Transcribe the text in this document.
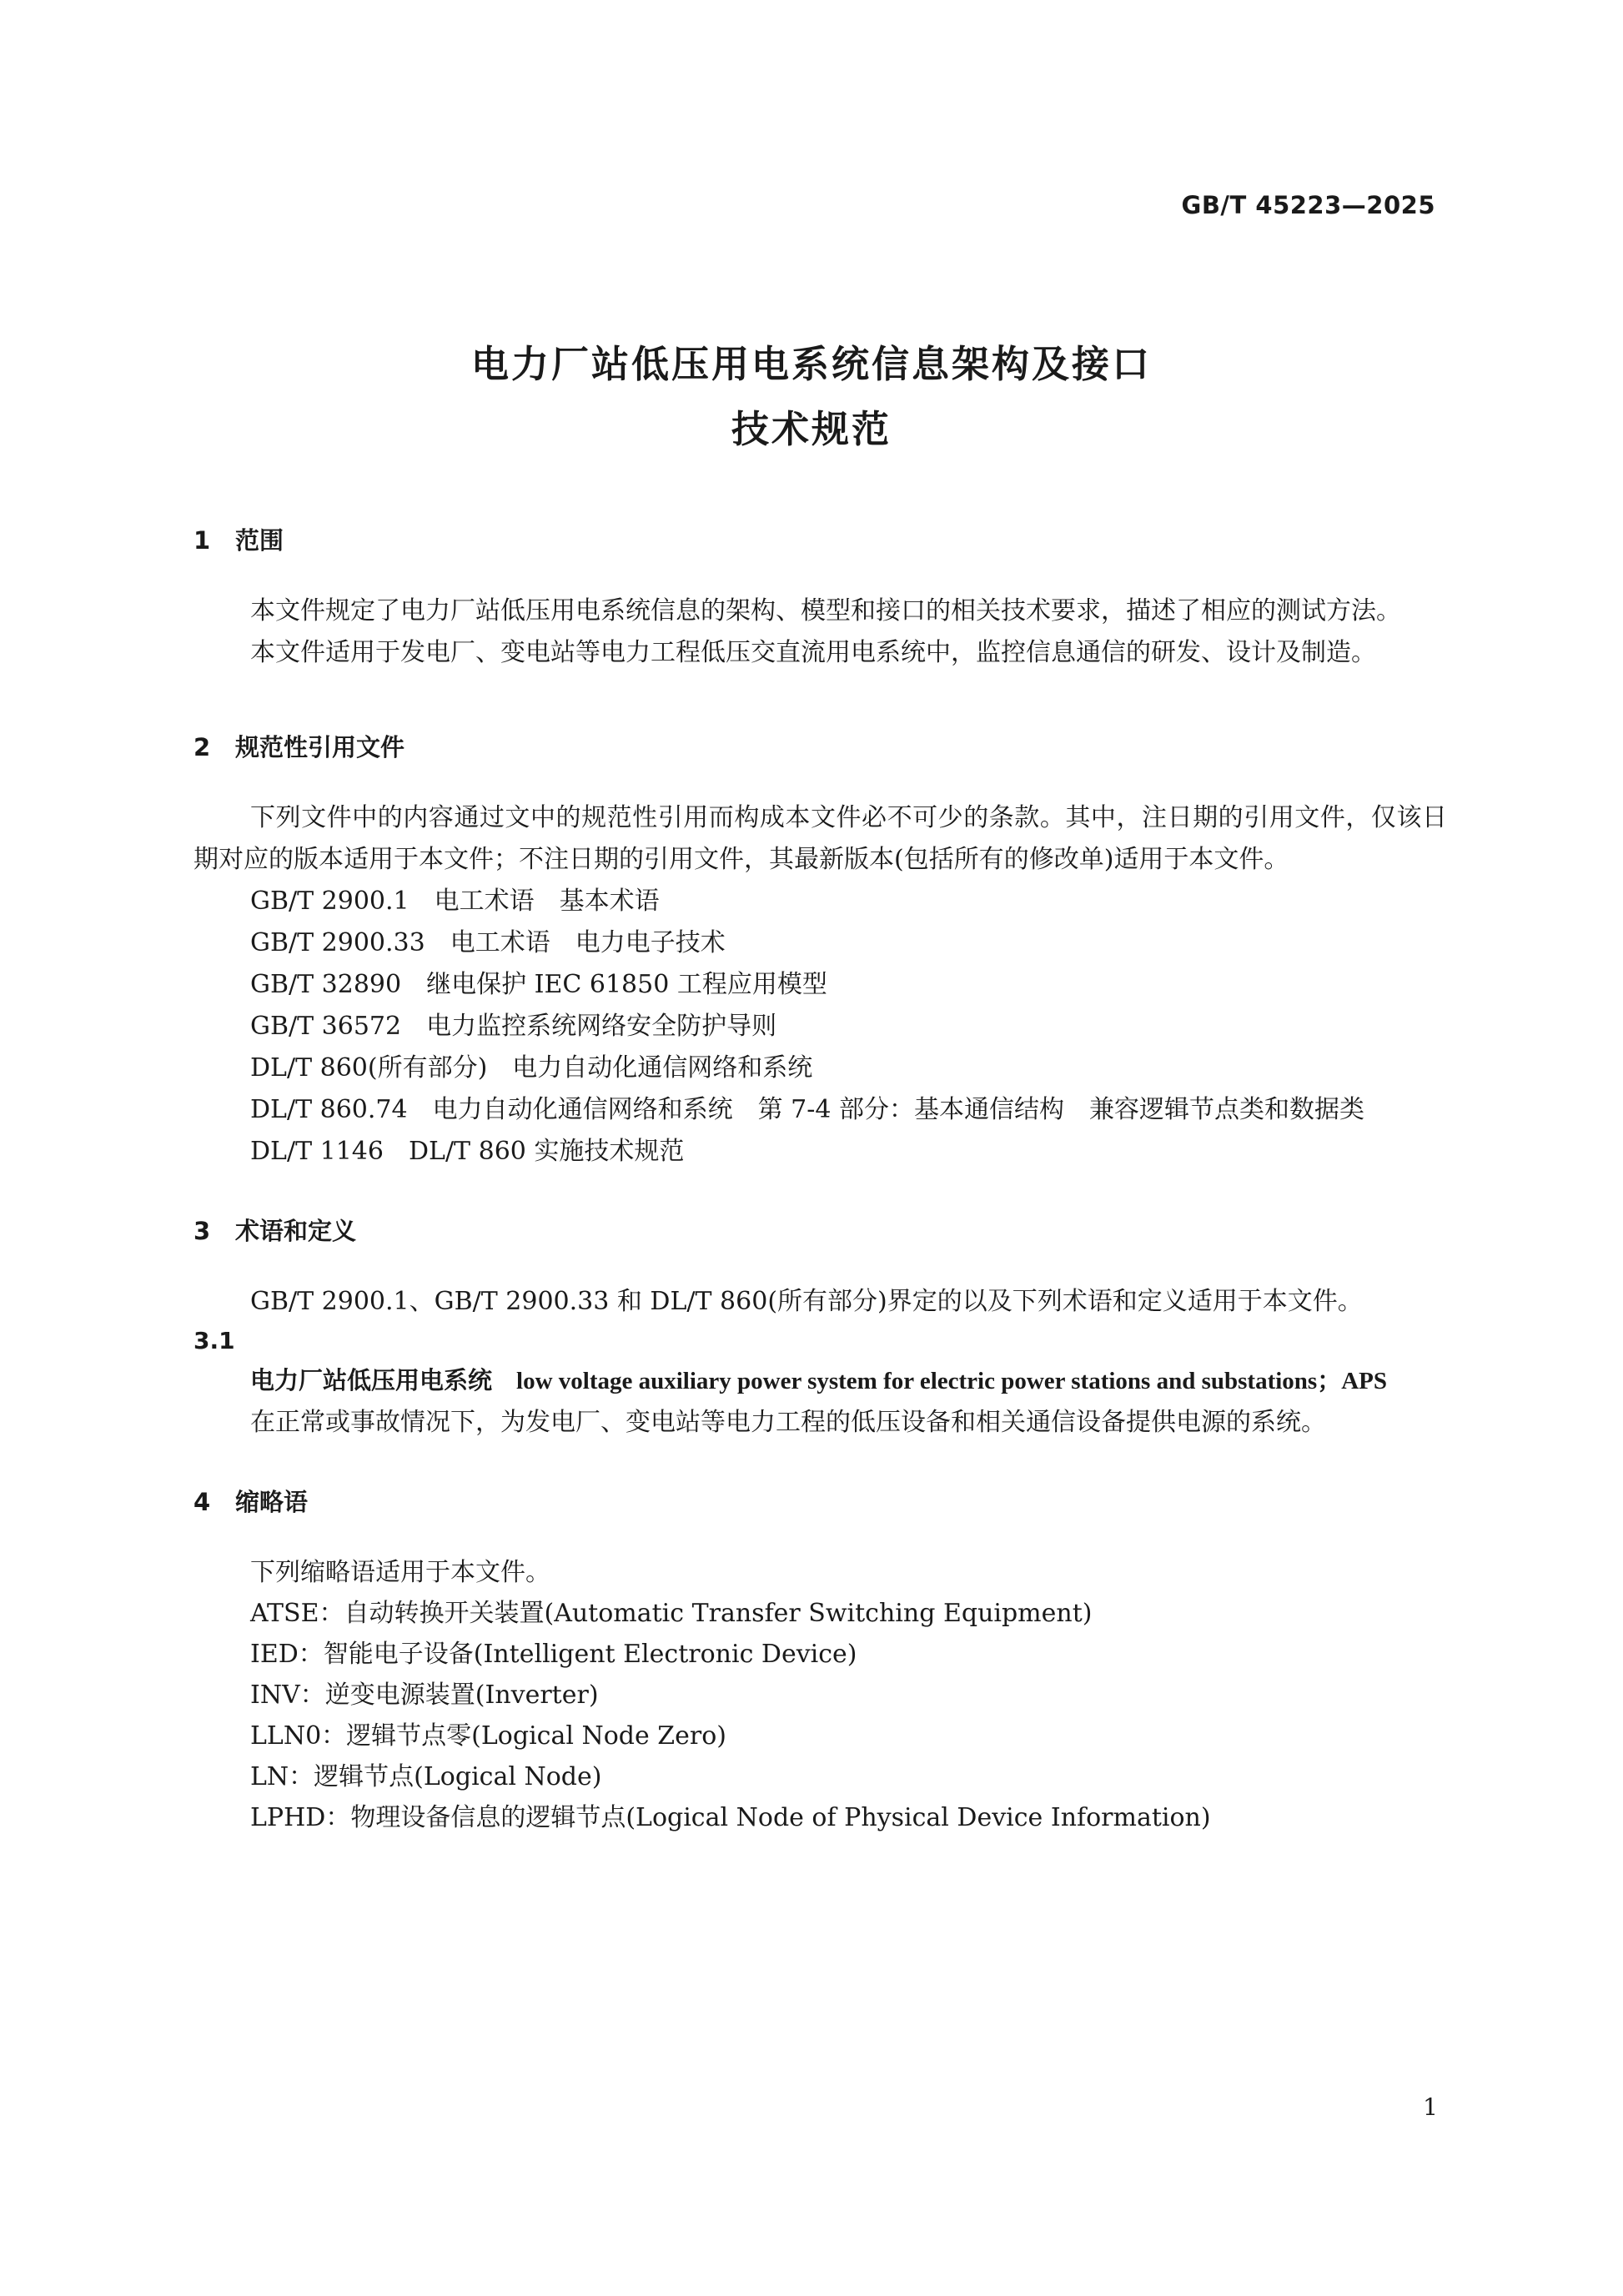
GB/T 45223—2025
电力厂站低压用电系统信息架构及接口
技术规范
1	范围

本文件规定了电力厂站低压用电系统信息的架构、模型和接口的相关技术要求，描述了相应的测试方法。

本文件适用于发电厂、变电站等电力工程低压交直流用电系统中，监控信息通信的研发、设计及制造。

2	规范性引用文件

下列文件中的内容通过文中的规范性引用而构成本文件必不可少的条款。其中，注日期的引用文件，仅该日期对应的版本适用于本文件；不注日期的引用文件，其最新版本(包括所有的修改单)适用于本文件。

GB/T 2900.1　电工术语　基本术语

GB/T 2900.33　电工术语　电力电子技术

GB/T 32890　继电保护 IEC 61850 工程应用模型

GB/T 36572　电力监控系统网络安全防护导则

DL/T 860(所有部分)　电力自动化通信网络和系统

DL/T 860.74　电力自动化通信网络和系统　第 7-4 部分：基本通信结构　兼容逻辑节点类和数据类

DL/T 1146　DL/T 860 实施技术规范

3	术语和定义

GB/T 2900.1、GB/T 2900.33 和 DL/T 860(所有部分)界定的以及下列术语和定义适用于本文件。

3.1

电力厂站低压用电系统　 low voltage auxiliary power system for electric power stations and substations；APS

在正常或事故情况下，为发电厂、变电站等电力工程的低压设备和相关通信设备提供电源的系统。

4	缩略语

下列缩略语适用于本文件。

ATSE：自动转换开关装置(Automatic Transfer Switching Equipment)

IED：智能电子设备(Intelligent Electronic Device)

INV：逆变电源装置(Inverter)

LLN0：逻辑节点零(Logical Node Zero)

LN：逻辑节点(Logical Node)

LPHD：物理设备信息的逻辑节点(Logical Node of Physical Device Information)

1
